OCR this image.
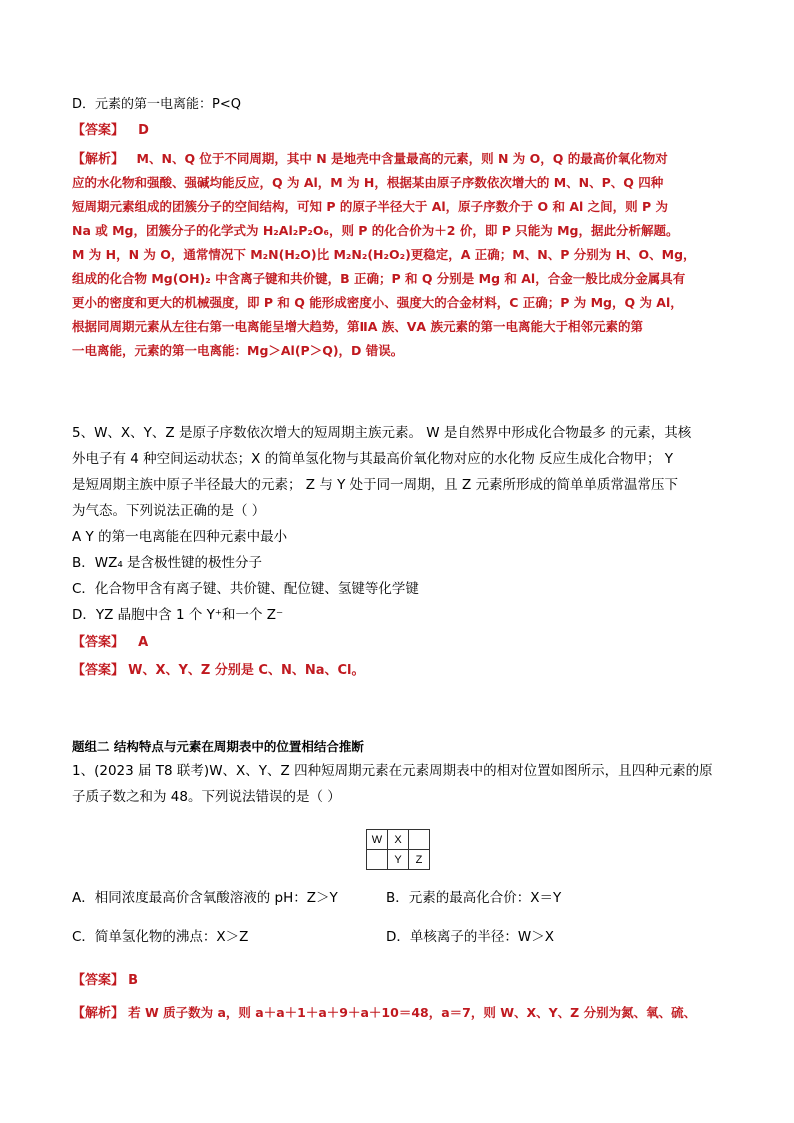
D．元素的第一电离能：P<Q
【答案】 D
【解析】 M、N、Q 位于不同周期，其中 N 是地壳中含量最高的元素，则 N 为 O，Q 的最高价氧化物对
应的水化物和强酸、强碱均能反应，Q 为 Al，M 为 H，根据某由原子序数依次增大的 M、N、P、Q 四种
短周期元素组成的团簇分子的空间结构，可知 P 的原子半径大于 Al，原子序数介于 O 和 Al 之间，则 P 为
Na 或 Mg，团簇分子的化学式为 H₂Al₂P₂O₆，则 P 的化合价为＋2 价，即 P 只能为 Mg，据此分析解题。
M 为 H，N 为 O，通常情况下 M₂N(H₂O)比 M₂N₂(H₂O₂)更稳定，A 正确；M、N、P 分别为 H、O、Mg，
组成的化合物 Mg(OH)₂ 中含离子键和共价键，B 正确；P 和 Q 分别是 Mg 和 Al，合金一般比成分金属具有
更小的密度和更大的机械强度，即 P 和 Q 能形成密度小、强度大的合金材料，C 正确；P 为 Mg，Q 为 Al，
根据同周期元素从左往右第一电离能呈增大趋势，第ⅡA 族、ⅤA 族元素的第一电离能大于相邻元素的第
一电离能，元素的第一电离能：Mg＞Al(P＞Q)，D 错误。
5、W、X、Y、Z 是原子序数依次增大的短周期主族元素。 W 是自然界中形成化合物最多 的元素，其核
外电子有 4 种空间运动状态；X 的简单氢化物与其最高价氧化物对应的水化物 反应生成化合物甲； Y
是短周期主族中原子半径最大的元素； Z 与 Y 处于同一周期，且 Z 元素所形成的简单单质常温常压下
为气态。下列说法正确的是（ ）
A Y 的第一电离能在四种元素中最小
B．WZ₄ 是含极性键的极性分子
C．化合物甲含有离子键、共价键、配位键、氢键等化学键
D．YZ 晶胞中含 1 个 Y⁺和一个 Z⁻
【答案】 A
【答案】 W、X、Y、Z 分别是 C、N、Na、Cl。
题组二 结构特点与元素在周期表中的位置相结合推断
1、(2023 届 T8 联考)W、X、Y、Z 四种短周期元素在元素周期表中的相对位置如图所示，且四种元素的原
子质子数之和为 48。下列说法错误的是（ ）
W	X	
	Y	Z
A．相同浓度最高价含氧酸溶液的 pH：Z＞Y	B．元素的最高化合价：X＝Y
C．简单氢化物的沸点：X＞Z	D．单核离子的半径：W＞X
【答案】 B
【解析】 若 W 质子数为 a，则 a＋a＋1＋a＋9＋a＋10＝48，a＝7，则 W、X、Y、Z 分别为氮、氧、硫、
